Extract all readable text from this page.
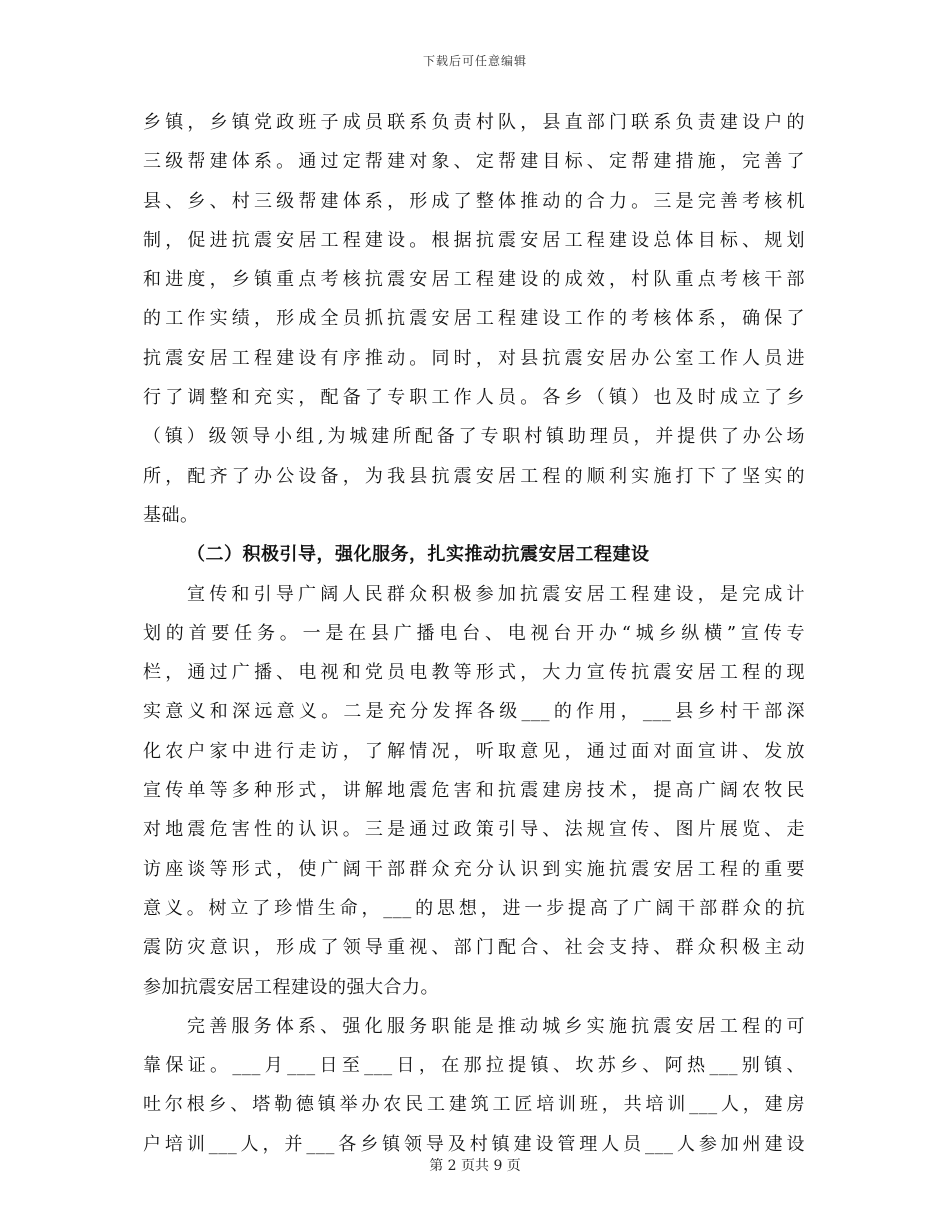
下载后可任意编辑
乡镇，乡镇党政班子成员联系负责村队，县直部门联系负责建设户的
三级帮建体系。通过定帮建对象、定帮建目标、定帮建措施，完善了
县、乡、村三级帮建体系，形成了整体推动的合力。三是完善考核机
制，促进抗震安居工程建设。根据抗震安居工程建设总体目标、规划
和进度，乡镇重点考核抗震安居工程建设的成效，村队重点考核干部
的工作实绩，形成全员抓抗震安居工程建设工作的考核体系，确保了
抗震安居工程建设有序推动。同时，对县抗震安居办公室工作人员进
行了调整和充实，配备了专职工作人员。各乡（镇）也及时成立了乡
（镇）级领导小组,为城建所配备了专职村镇助理员，并提供了办公场
所，配齐了办公设备，为我县抗震安居工程的顺利实施打下了坚实的
基础。
（二）积极引导，强化服务，扎实推动抗震安居工程建设
宣传和引导广阔人民群众积极参加抗震安居工程建设，是完成计
划的首要任务。一是在县广播电台、电视台开办“城乡纵横”宣传专
栏，通过广播、电视和党员电教等形式，大力宣传抗震安居工程的现
实意义和深远意义。二是充分发挥各级___的作用，___县乡村干部深
化农户家中进行走访，了解情况，听取意见，通过面对面宣讲、发放
宣传单等多种形式，讲解地震危害和抗震建房技术，提高广阔农牧民
对地震危害性的认识。三是通过政策引导、法规宣传、图片展览、走
访座谈等形式，使广阔干部群众充分认识到实施抗震安居工程的重要
意义。树立了珍惜生命，___的思想，进一步提高了广阔干部群众的抗
震防灾意识，形成了领导重视、部门配合、社会支持、群众积极主动
参加抗震安居工程建设的强大合力。
完善服务体系、强化服务职能是推动城乡实施抗震安居工程的可
靠保证。___月___日至___日，在那拉提镇、坎苏乡、阿热___别镇、
吐尔根乡、塔勒德镇举办农民工建筑工匠培训班，共培训___人，建房
户培训___人，并___各乡镇领导及村镇建设管理人员___人参加州建设
第 2 页共 9 页
